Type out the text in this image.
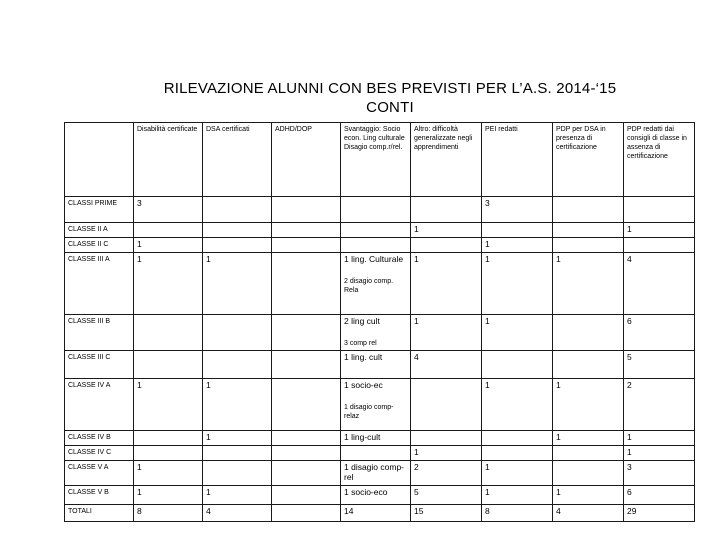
RILEVAZIONE ALUNNI CON BES PREVISTI PER L’A.S. 2014-‘15
CONTI
	Disabilità certificate	DSA certificati	ADHD/DOP	Svantaggio: Socio econ. Ling culturale Disagio comp.r/rel.	Altro: difficoltà generalizzate negli apprendimenti	PEI redatti	PDP per DSA in presenza di certificazione	PDP redatti dai consigli di classe in assenza di certificazione
CLASSI PRIME	3					3		
CLASSE II A					1			1
CLASSE II C	1					1		
CLASSE III A	1	1		1 ling. Culturale
2 disagio comp.
Rela	1	1	1	4
CLASSE III B				2 ling cult
3 comp rel	1	1		6
CLASSE III C				1 ling. cult	4			5
CLASSE IV A	1	1		1 socio-ec
1 disagio comp-
relaz		1	1	2
CLASSE IV B		1		1 ling-cult			1	1
CLASSE IV C					1			1
CLASSE V A	1			1 disagio comp-rel	2	1		3
CLASSE V B	1	1		1 socio-eco	5	1	1	6
TOTALI	8	4		14	15	8	4	29
